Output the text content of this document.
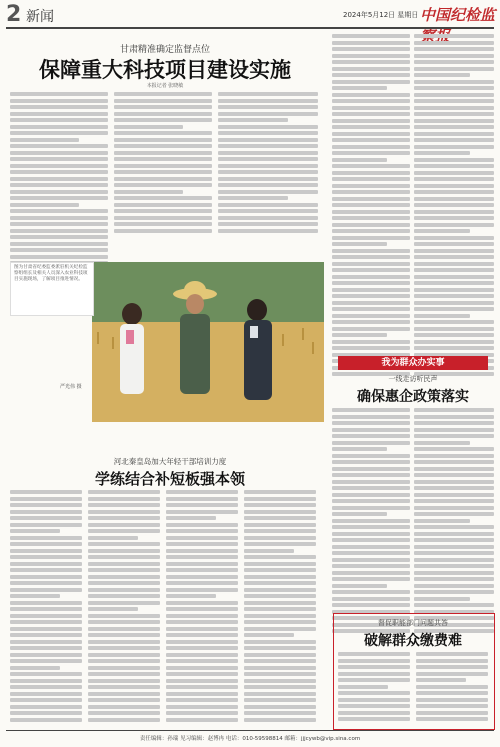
2 新闻	2024年5月12日 星期日 中国纪检监
甘肃精准确定监督点位
保障重大科技项目建设实施
本报记者 张晓敏
图为甘肃省纪委监委派驻机关纪检监察组组长及相关人员深入农业科技项目实施现场，了解项目推进情况。
严光伟 摄
河北秦皇岛加大年轻干部培训力度
学练结合补短板强本领
我为群众办实事
一线走访听民声
确保惠企政策落实
督促职能部门问题共答
破解群众缴费难
责任编辑：孙瑞 见习编辑：赵博冉 电话：010-59598814 邮箱：jjjcywb@vip.sina.com
